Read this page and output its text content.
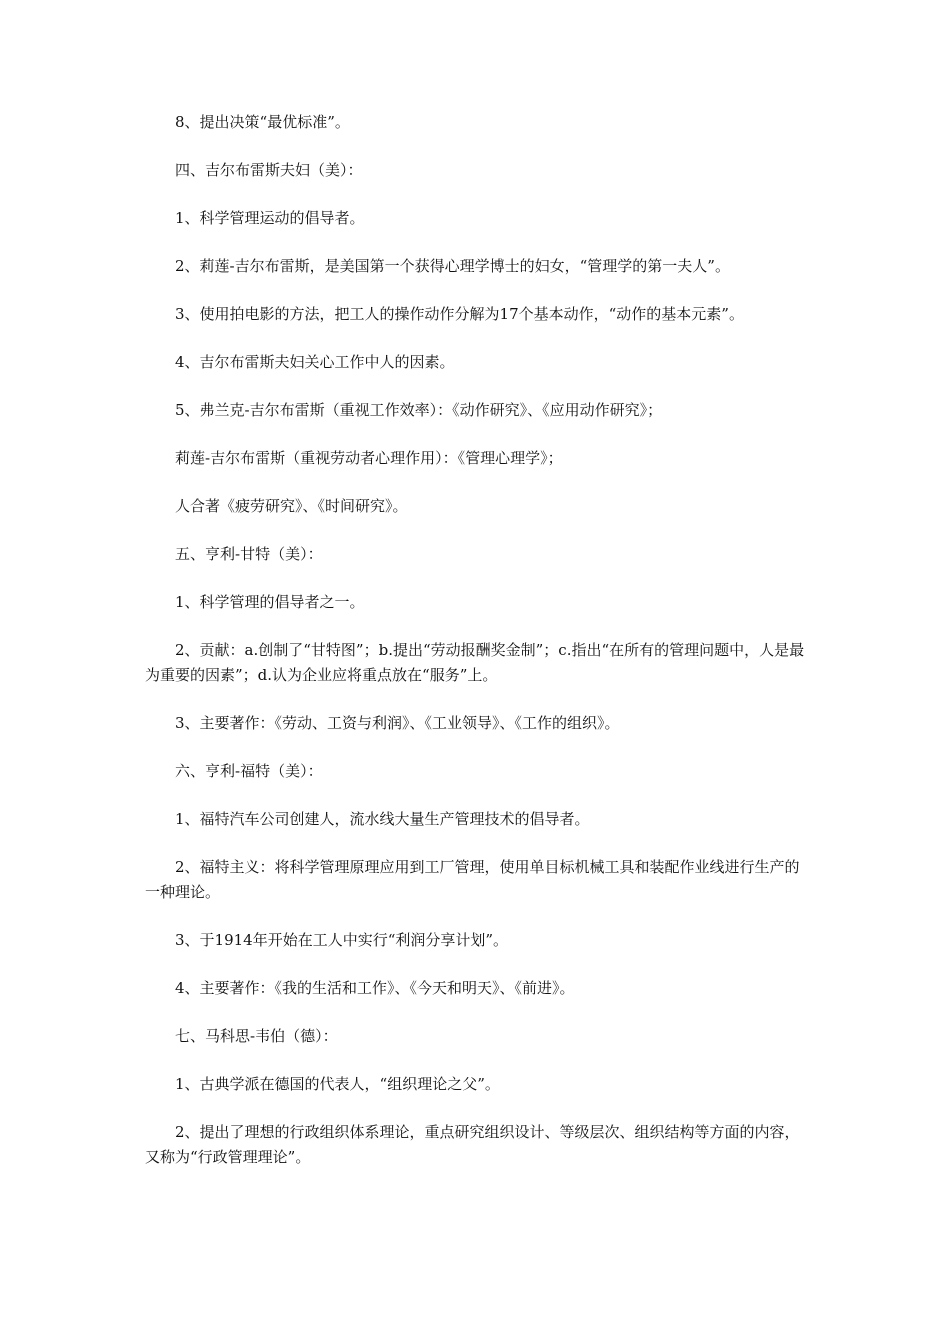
8、提出决策“最优标准”。

四、吉尔布雷斯夫妇（美）：

1、科学管理运动的倡导者。

2、莉莲-吉尔布雷斯，是美国第一个获得心理学博士的妇女，“管理学的第一夫人”。

3、使用拍电影的方法，把工人的操作动作分解为17个基本动作，“动作的基本元素”。

4、吉尔布雷斯夫妇关心工作中人的因素。

5、弗兰克-吉尔布雷斯（重视工作效率）：《动作研究》、《应用动作研究》；

莉莲-吉尔布雷斯（重视劳动者心理作用）：《管理心理学》；

人合著《疲劳研究》、《时间研究》。

五、亨利-甘特（美）：

1、科学管理的倡导者之一。

2、贡献：a.创制了“甘特图”；b.提出“劳动报酬奖金制”；c.指出“在所有的管理问题中，人是最为重要的因素”；d.认为企业应将重点放在“服务”上。

3、主要著作：《劳动、工资与利润》、《工业领导》、《工作的组织》。

六、亨利-福特（美）：

1、福特汽车公司创建人，流水线大量生产管理技术的倡导者。

2、福特主义：将科学管理原理应用到工厂管理，使用单目标机械工具和装配作业线进行生产的一种理论。

3、于1914年开始在工人中实行“利润分享计划”。

4、主要著作：《我的生活和工作》、《今天和明天》、《前进》。

七、马科思-韦伯（德）：

1、古典学派在德国的代表人，“组织理论之父”。

2、提出了理想的行政组织体系理论，重点研究组织设计、等级层次、组织结构等方面的内容，又称为“行政管理理论”。
